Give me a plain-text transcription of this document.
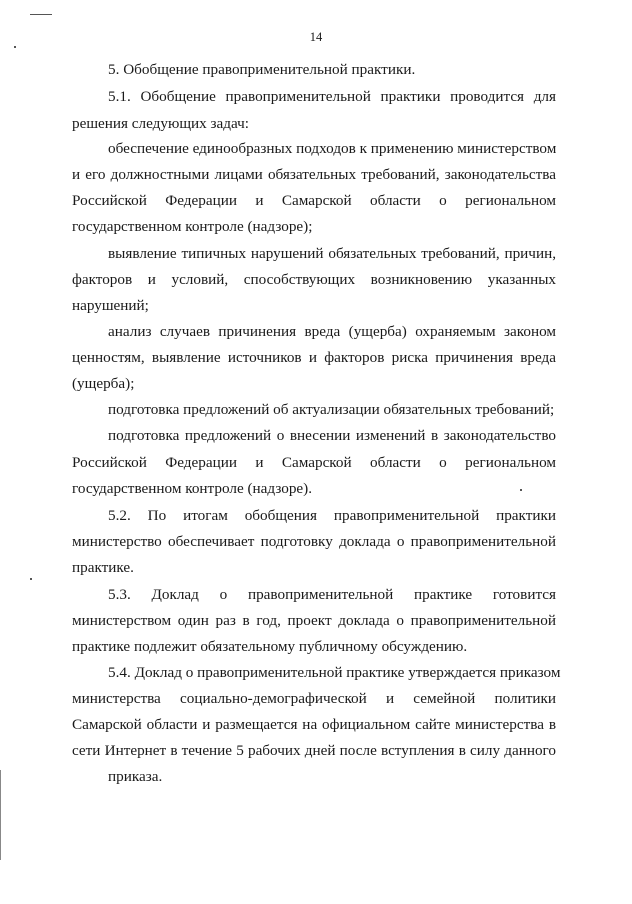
14
5. Обобщение правоприменительной практики.
5.1. Обобщение правоприменительной практики проводится для
решения следующих задач:
обеспечение единообразных подходов к применению министерством
и его должностными лицами обязательных требований, законодательства
Российской Федерации и Самарской области о региональном
государственном контроле (надзоре);
выявление типичных нарушений обязательных требований, причин,
факторов и условий, способствующих возникновению указанных
нарушений;
анализ случаев причинения вреда (ущерба) охраняемым законом
ценностям, выявление источников и факторов риска причинения вреда
(ущерба);
подготовка предложений об актуализации обязательных требований;
подготовка предложений о внесении изменений в законодательство
Российской Федерации и Самарской области о региональном
государственном контроле (надзоре).
5.2. По итогам обобщения правоприменительной практики
министерство обеспечивает подготовку доклада о правоприменительной
практике.
5.3. Доклад о правоприменительной практике готовится
министерством один раз в год, проект доклада о правоприменительной
практике подлежит обязательному публичному обсуждению.
5.4. Доклад о правоприменительной практике утверждается приказом
министерства социально-демографической и семейной политики
Самарской области и размещается на официальном сайте министерства в
сети Интернет в течение 5 рабочих дней после вступления в силу данного
приказа.
